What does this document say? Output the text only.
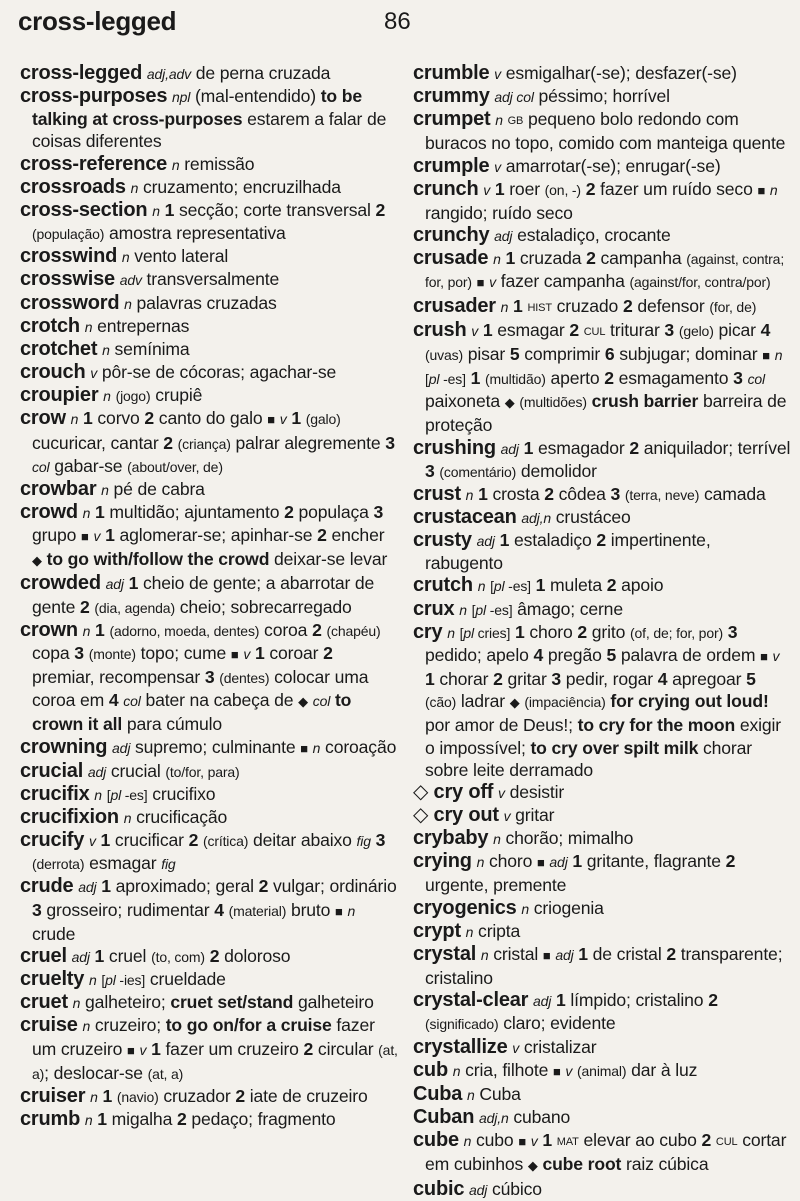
cross-legged	86

cross-legged adj,adv de perna cruzada

cross-purposes npl (mal-entendido) to be talking at cross-purposes estarem a falar de coisas diferentes

cross-reference n remissão

crossroads n cruzamento; encruzilhada

cross-section n 1 secção; corte transversal 2 (população) amostra representativa

crosswind n vento lateral

crosswise adv transversalmente

crossword n palavras cruzadas

crotch n entrepernas

crotchet n semínima

crouch v pôr-se de cócoras; agachar-se

croupier n (jogo) crupiê

crow n 1 corvo 2 canto do galo ■ v 1 (galo) cucuricar, cantar 2 (criança) palrar alegremente 3 col gabar-se (about/over, de)

crowbar n pé de cabra

crowd n 1 multidão; ajuntamento 2 populaça 3 grupo ■ v 1 aglomerar-se; apinhar-se 2 encher ◆ to go with/follow the crowd deixar-se levar

crowded adj 1 cheio de gente; a abarrotar de gente 2 (dia, agenda) cheio; sobrecarregado

crown n 1 (adorno, moeda, dentes) coroa 2 (chapéu) copa 3 (monte) topo; cume ■ v 1 coroar 2 premiar, recompensar 3 (dentes) colocar uma coroa em 4 col bater na cabeça de ◆ col to crown it all para cúmulo

crowning adj supremo; culminante ■ n coroação

crucial adj crucial (to/for, para)

crucifix n [pl -es] crucifixo

crucifixion n crucificação

crucify v 1 crucificar 2 (crítica) deitar abaixo fig 3 (derrota) esmagar fig

crude adj 1 aproximado; geral 2 vulgar; ordinário 3 grosseiro; rudimentar 4 (material) bruto ■ n crude

cruel adj 1 cruel (to, com) 2 doloroso

cruelty n [pl -ies] crueldade

cruet n galheteiro; cruet set/stand galheteiro

cruise n cruzeiro; to go on/for a cruise fazer um cruzeiro ■ v 1 fazer um cruzeiro 2 circular (at, a); deslocar-se (at, a)

cruiser n 1 (navio) cruzador 2 iate de cruzeiro

crumb n 1 migalha 2 pedaço; fragmento

crumble v esmigalhar(-se); desfazer(-se)

crummy adj col péssimo; horrível

crumpet n GB pequeno bolo redondo com buracos no topo, comido com manteiga quente

crumple v amarrotar(-se); enrugar(-se)

crunch v 1 roer (on, -) 2 fazer um ruído seco ■ n rangido; ruído seco

crunchy adj estaladiço, crocante

crusade n 1 cruzada 2 campanha (against, contra; for, por) ■ v fazer campanha (against/for, contra/por)

crusader n 1 HIST cruzado 2 defensor (for, de)

crush v 1 esmagar 2 CUL triturar 3 (gelo) picar 4 (uvas) pisar 5 comprimir 6 subjugar; dominar ■ n [pl -es] 1 (multidão) aperto 2 esmagamento 3 col paixoneta ◆ (multidões) crush barrier barreira de proteção

crushing adj 1 esmagador 2 aniquilador; terrível 3 (comentário) demolidor

crust n 1 crosta 2 côdea 3 (terra, neve) camada

crustacean adj,n crustáceo

crusty adj 1 estaladiço 2 impertinente, rabugento

crutch n [pl -es] 1 muleta 2 apoio

crux n [pl -es] âmago; cerne

cry n [pl cries] 1 choro 2 grito (of, de; for, por) 3 pedido; apelo 4 pregão 5 palavra de ordem ■ v 1 chorar 2 gritar 3 pedir, rogar 4 apregoar 5 (cão) ladrar ◆ (impaciência) for crying out loud! por amor de Deus!; to cry for the moon exigir o impossível; to cry over spilt milk chorar sobre leite derramado

◇ cry off v desistir

◇ cry out v gritar

crybaby n chorão; mimalho

crying n choro ■ adj 1 gritante, flagrante 2 urgente, premente

cryogenics n criogenia

crypt n cripta

crystal n cristal ■ adj 1 de cristal 2 transparente; cristalino

crystal-clear adj 1 límpido; cristalino 2 (significado) claro; evidente

crystallize v cristalizar

cub n cria, filhote ■ v (animal) dar à luz

Cuba n Cuba

Cuban adj,n cubano

cube n cubo ■ v 1 MAT elevar ao cubo 2 CUL cortar em cubinhos ◆ cube root raiz cúbica

cubic adj cúbico
